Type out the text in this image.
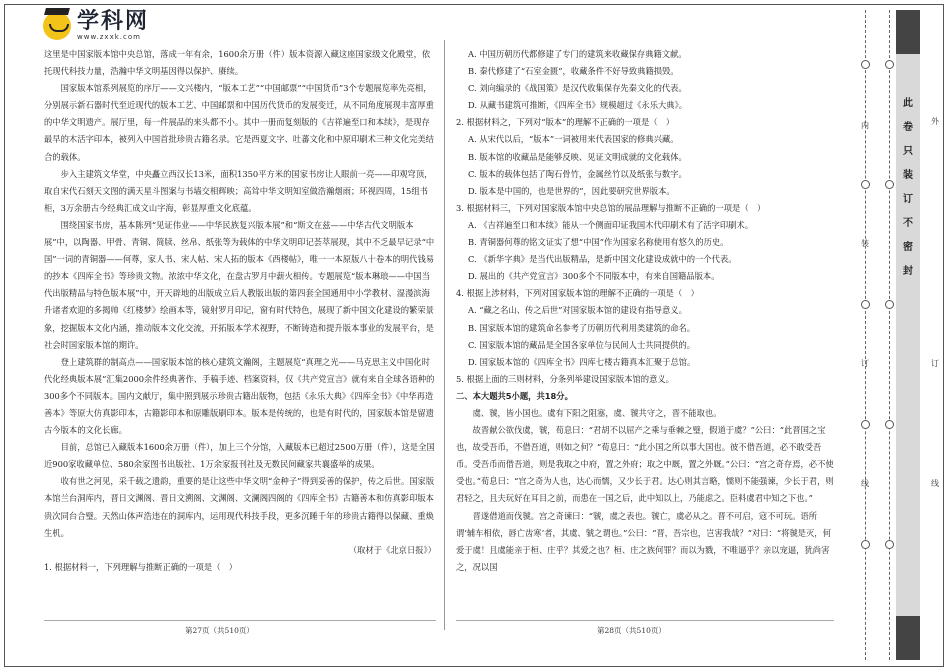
学科网
www.zxxk.com

这里是中国家版本馆中央总馆，落成一年有余，1600余万册（件）版本资源入藏这座国家级文化殿堂，依托现代科技力量，浩瀚中华文明基因得以保护、赓续。

国家版本馆系列展览的序厅——文兴楼内，“版本工艺”“中国邮票”“中国货币”3个专题展览率先亮相，分别展示新石器时代至近现代的版本工艺、中国邮票和中国历代货币的发展变迁，从不同角度展现丰富厚重的中华文明遗产。展厅里，每一件展品的来头都不小。其中一册而复刻版的《吉祥遍至口和本续》，是现存最早的木活字印本，被列入中国首批珍贵古籍名录。它是西夏文字、吐蕃文化和中原印刷术三种文化完美结合的载体。

步入主建筑文华堂，中央矗立西汉长13米，面积1350平方米的国家书房让人眼前一亮——印观穹顶，取自宋代石刻天文图的满天星斗图案与书墙交相辉映；高耸中华文明知室做浩瀚烟雨；环视四周，15组书柜，3万余册古今经典汇成文山字海，彰显厚重文化底蕴。

围绕国家书房，基本陈列“见证伟业——中华民族复兴版本展”和“斯文在兹——中华古代文明版本展”中，以陶器、甲骨、青铜、简牍、丝帛、纸张等为载体的中华文明印记荟萃展现，其中不乏最早记录“中国”一词的青铜器——何尊，家人书、宋人帖、宋人拓的版本《西楼帖》，唯一一本原版八十卷本的明代钱易的抄本《四库全书》等珍贵文物。浓浓中华文化，在盘古罗月中薪火相传。专题展览“版本琳琅——中国当代出版精品与特色版本展”中，开天辟地的出版成立后人教版出版的第四套全国通用中小学教材、湿漫滨海升诸者欢迎的多揭帅《红楼梦》绘画本等，镜射罗月印记，窗有时代特色，展现了新中国文化建设的繁荣景象，挖掘版本文化内涵，推动版本文化交流，开拓版本学术视野，不断铸造和提升版本事业的发展平台，是社会时国家版本馆的期许。

登上建筑群的制高点——国家版本馆的核心建筑文瀚阁，主题展览“真理之光——马克思主义中国化时代化经典版本展”汇集2000余件经典著作、手稿手迹、档案资料，仅《共产党宣言》就有来自全球各语种的300多个不同版本。国内文献厅，集中照到展示珍贵古籍出版物，包括《永乐大典》《四库全书》《中华再造善本》等原大仿真影印本，古籍影印本和原雕版刷印本。版本是传统的，也是有时代的，国家版本馆是留遗古今版本的文化长廊。

目前，总馆已入藏版本1600余万册（件），加上三个分馆，入藏版本已超过2500万册（件），这是全国近900家收藏单位、580余家图书出版社、1万余家报刊社及无数民间藏家共襄盛举的成果。

收有世之河见，采千载之遗韵，重要的是让这些中华文明“金种子”得到妥善的保护，传之后世。国家版本馆兰台洞库内，晋日文渊阁、晋日文溯阁、文渊阁、文澜阁四阁的《四库全书》古籍善本和仿真影印版本贵次同台合璧。天然山体声浩违在的洞库内，运用现代科技手段，更多沉睡千年的珍贵古籍得以保藏、重焕生机。

（取材于《北京日报》）

1. 根据材料一，下列理解与推断正确的一项是（　）

A. 中国历朝历代都修建了专门的建筑来收藏保存典籍文献。

B. 秦代修建了“石室金匮”，收藏条件不好导致典籍损毁。

C. 刘向编录的《战国策》是汉代收集保存先秦文化的代表。

D. 从藏书建筑可推断，《四库全书》规模超过《永乐大典》。

2. 根据材料之，下列对“版本”的理解不正确的一项是（　）

A. 从宋代以后，“版本”一词被用来代表国家的修典兴藏。

B. 版本馆的收藏品是能够反映、见证文明成就的文化载体。

C. 版本的载体包括了陶石骨竹，金属丝竹以及纸张与数字。

D. 版本是中国的，也是世界的”，因此要研究世界版本。

3. 根据材料三，下列对国家版本馆中央总馆的展品理解与推断不正确的一项是（　）

A. 《吉祥遍至口和本续》能从一个侧面印证我国木代印刷术有了活字印刷术。

B. 青铜器何尊的铭文证实了想“中国”作为国家名称使用有悠久的历史。

C. 《新华字典》是当代出版精品，是新中国文化建设成就中的一个代表。

D. 展出的《共产党宣言》300多个不同版本中，有来自国籍品版本。

4. 根据上涉材料，下列对国家版本馆的理解不正确的一项是（　）

A. “藏之名山、传之后世”对国家版本馆的建设有指导意义。

B. 国家版本馆的建筑命名参考了历朝历代利用类建筑的命名。

C. 国家版本馆的藏品是全国各家单位与民间人士共同提供的。

D. 国家版本馆的《四库全书》四库七楼古籍真本汇聚于总馆。

5. 根据上面的三则材料，分条列举建设国家版本馆的意义。

二、本大题共5小题，共18分。

虞、虢，皆小国也。虞有下阳之阻塞，虞、虢共守之，晋不能取也。

故晋献公欲伐虞，虢，荀息曰：“君胡不以屈产之乘与垂棘之璧，假道于虞？”公曰：“此晋国之宝也，故受吾币，不借吾道，则如之何？”荀息曰：“此小国之所以事大国也。彼不借吾道，必不敢受吾币。受吾币而借吾道，则是我取之中府，置之外府；取之中厩，置之外厩。”公曰：“宫之奇存焉，必不使受也。”荀息曰：“宫之奇为人也，达心而懦，又少长于君。达心则其言略，懦则不能强谏，少长于君，则君轻之，且夫玩好在耳目之前，而患在一国之后，此中知以上，乃能虑之。臣料虞君中知之下也。”

晋遂借道而伐虢。宫之奇谏曰：“虢，虞之表也。虢亡，虞必从之。晋不可启，寇不可玩。语所谓‘辅车相依，唇亡齿寒’者，其虞、虢之谓也。”公曰：“晋，吾宗也，岂害我哉？”对曰：“将虢是灭，何爱于虞！且虞能亲于桓、庄乎？其爱之也？桓、庄之族何罪？而以为戮，不唯逼乎？亲以宠逼，犹尚害之，况以国

第27页（共510页）	第28页（共510页）
内
装
订
线
外
订
线
此
卷
只
装
订
不
密
封
